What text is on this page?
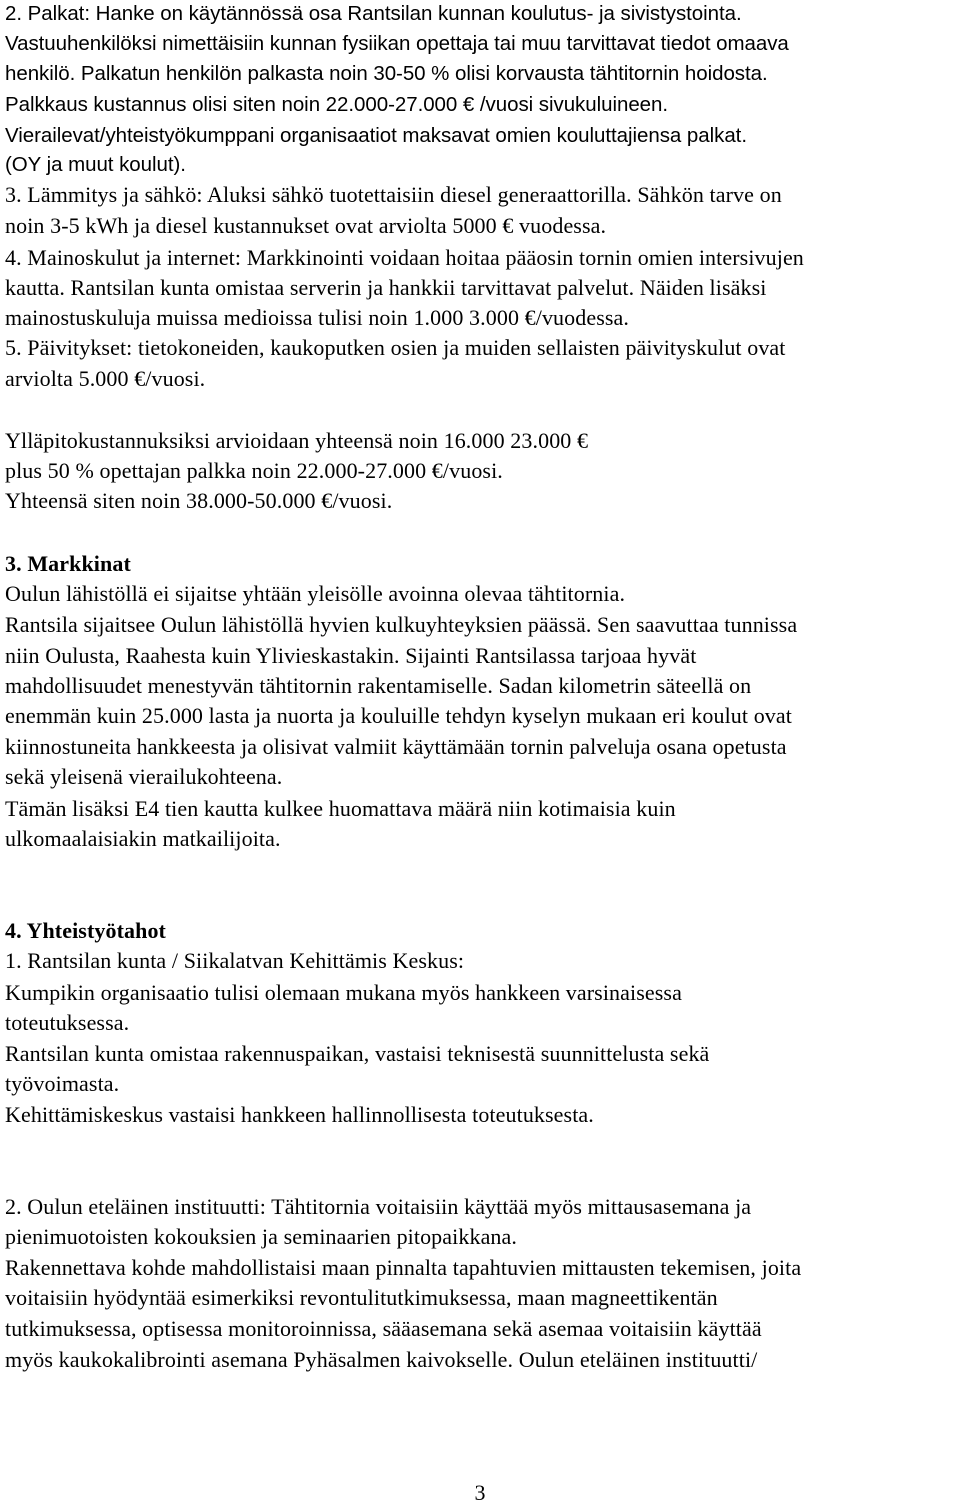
2. Palkat: Hanke on käytännössä osa Rantsilan kunnan koulutus- ja sivistystointa.
Vastuuhenkilöksi nimettäisiin kunnan fysiikan opettaja tai muu tarvittavat tiedot omaava
henkilö. Palkatun henkilön palkasta noin 30-50 % olisi korvausta tähtitornin hoidosta.
Palkkaus kustannus olisi siten noin 22.000-27.000 € /vuosi sivukuluineen.
Vierailevat/yhteistyökumppani organisaatiot maksavat omien kouluttajiensa palkat.
(OY ja muut koulut).
3. Lämmitys ja sähkö: Aluksi sähkö tuotettaisiin diesel generaattorilla. Sähkön tarve on
noin 3-5 kWh ja diesel kustannukset ovat arviolta 5000 € vuodessa.
4. Mainoskulut ja internet: Markkinointi voidaan hoitaa pääosin tornin omien intersivujen
kautta. Rantsilan kunta omistaa serverin ja hankkii tarvittavat palvelut. Näiden lisäksi
mainostuskuluja muissa medioissa tulisi noin 1.000 3.000 €/vuodessa.
5. Päivitykset: tietokoneiden, kaukoputken osien ja muiden sellaisten päivityskulut ovat
arviolta 5.000 €/vuosi.
Ylläpitokustannuksiksi arvioidaan yhteensä noin 16.000 23.000 €
plus 50 % opettajan palkka noin 22.000-27.000 €/vuosi.
Yhteensä siten noin 38.000-50.000 €/vuosi.
3. Markkinat
Oulun lähistöllä ei sijaitse yhtään yleisölle avoinna olevaa tähtitornia.
Rantsila sijaitsee Oulun lähistöllä hyvien kulkuyhteyksien päässä. Sen saavuttaa tunnissa
niin Oulusta, Raahesta kuin Ylivieskastakin. Sijainti Rantsilassa tarjoaa hyvät
mahdollisuudet menestyvän tähtitornin rakentamiselle. Sadan kilometrin säteellä on
enemmän kuin 25.000 lasta ja nuorta ja kouluille tehdyn kyselyn mukaan eri koulut ovat
kiinnostuneita hankkeesta ja olisivat valmiit käyttämään tornin palveluja osana opetusta
sekä yleisenä vierailukohteena.
Tämän lisäksi E4 tien kautta kulkee huomattava määrä niin kotimaisia kuin
ulkomaalaisiakin matkailijoita.
4. Yhteistyötahot
1. Rantsilan kunta / Siikalatvan Kehittämis Keskus:
Kumpikin organisaatio tulisi olemaan mukana myös hankkeen varsinaisessa
toteutuksessa.
Rantsilan kunta omistaa rakennuspaikan, vastaisi teknisestä suunnittelusta sekä
työvoimasta.
Kehittämiskeskus vastaisi hankkeen hallinnollisesta toteutuksesta.
2. Oulun eteläinen instituutti: Tähtitornia voitaisiin käyttää myös mittausasemana ja
pienimuotoisten kokouksien ja seminaarien pitopaikkana.
Rakennettava kohde mahdollistaisi maan pinnalta tapahtuvien mittausten tekemisen, joita
voitaisiin hyödyntää esimerkiksi revontulitutkimuksessa, maan magneettikentän
tutkimuksessa, optisessa monitoroinnissa, sääasemana sekä asemaa voitaisiin käyttää
myös kaukokalibrointi asemana Pyhäsalmen kaivokselle. Oulun eteläinen instituutti/
3
